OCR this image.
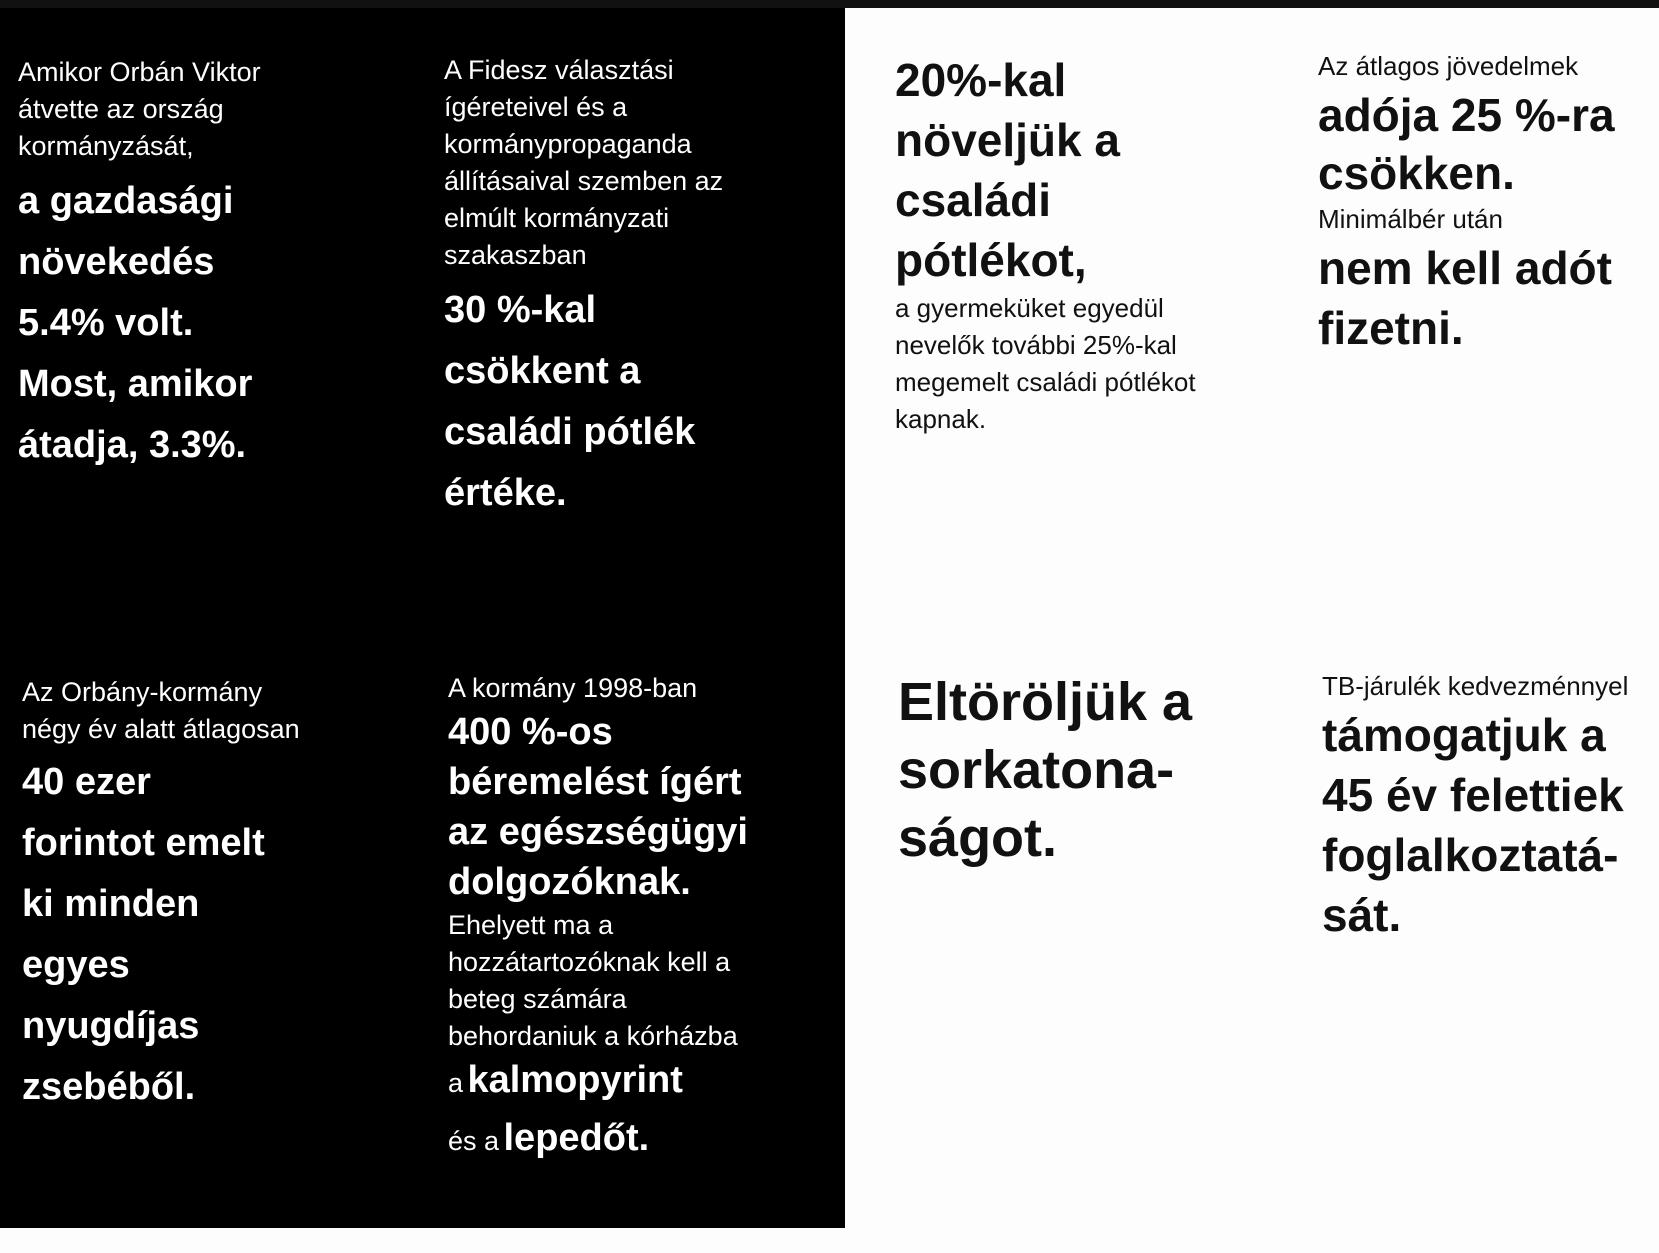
Amikor Orbán Viktor

átvette az ország

kormányzását,

a gazdasági

növekedés

5.4% volt.

Most, amikor

átadja, 3.3%.

A Fidesz választási

ígéreteivel és a

kormánypropaganda

állításaival szemben az

elmúlt kormányzati

szakaszban

30 %-kal

csökkent a

családi pótlék

értéke.

20%-kal

növeljük a

családi

pótlékot,

a gyermeküket egyedül

nevelők további 25%-kal

megemelt családi pótlékot

kapnak.

Az átlagos jövedelmek

adója 25 %-ra

csökken.

Minimálbér után

nem kell adót

fizetni.

Az Orbány-kormány

négy év alatt átlagosan

40 ezer

forintot emelt

ki minden

egyes

nyugdíjas

zsebéből.

A kormány 1998-ban

400 %-os

béremelést ígért

az egészségügyi

dolgozóknak.

Ehelyett ma a

hozzátartozóknak kell a

beteg számára

behordaniuk a kórházba

a kalmopyrint

és a lepedőt.

Eltöröljük a

sorkatona-

ságot.

TB-járulék kedvezménnyel

támogatjuk a

45 év felettiek

foglalkoztatá-

sát.
